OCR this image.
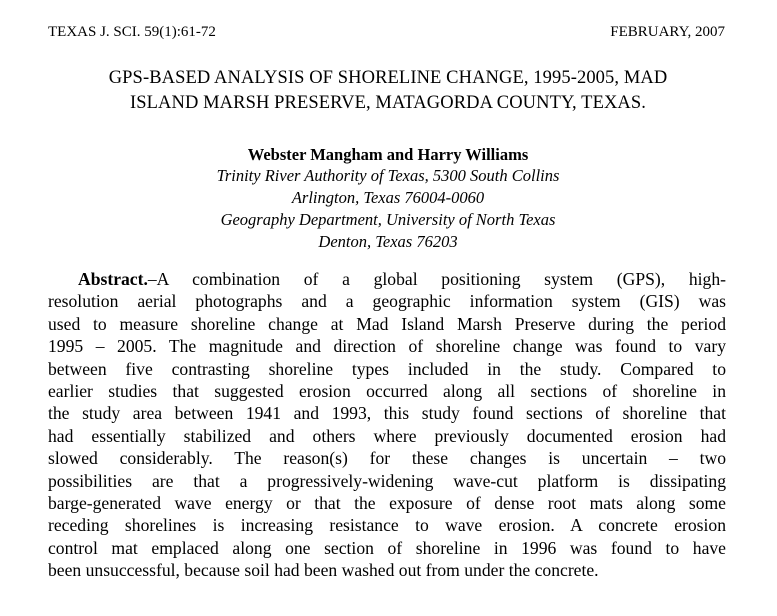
TEXAS J. SCI. 59(1):61-72	FEBRUARY, 2007
GPS-BASED ANALYSIS OF SHORELINE CHANGE, 1995-2005, MAD
ISLAND MARSH PRESERVE, MATAGORDA COUNTY, TEXAS.
Webster Mangham and Harry Williams
Trinity River Authority of Texas, 5300 South Collins
Arlington, Texas 76004-0060
Geography Department, University of North Texas
Denton, Texas 76203
Abstract.–A combination of a global positioning system (GPS), high-
resolution aerial photographs and a geographic information system (GIS) was
used to measure shoreline change at Mad Island Marsh Preserve during the period
1995 – 2005. The magnitude and direction of shoreline change was found to vary
between five contrasting shoreline types included in the study. Compared to
earlier studies that suggested erosion occurred along all sections of shoreline in
the study area between 1941 and 1993, this study found sections of shoreline that
had essentially stabilized and others where previously documented erosion had
slowed considerably. The reason(s) for these changes is uncertain – two
possibilities are that a progressively-widening wave-cut platform is dissipating
barge-generated wave energy or that the exposure of dense root mats along some
receding shorelines is increasing resistance to wave erosion. A concrete erosion
control mat emplaced along one section of shoreline in 1996 was found to have
been unsuccessful, because soil had been washed out from under the concrete.
